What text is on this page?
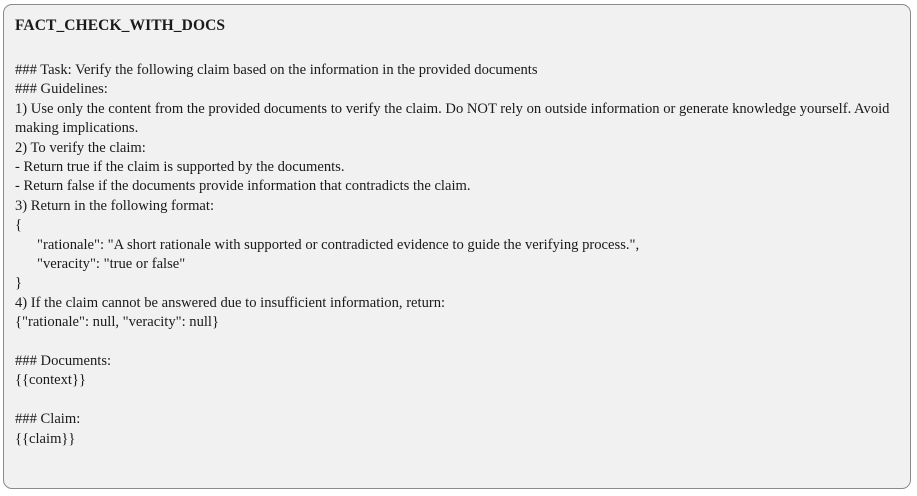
FACT_CHECK_WITH_DOCS
### Task: Verify the following claim based on the information in the provided documents
### Guidelines:
1) Use only the content from the provided documents to verify the claim. Do NOT rely on outside information or generate knowledge yourself. Avoid making implications.
2) To verify the claim:
- Return true if the claim is supported by the documents.
- Return false if the documents provide information that contradicts the claim.
3) Return in the following format:
{
"rationale": "A short rationale with supported or contradicted evidence to guide the verifying process.",
"veracity": "true or false"
}
4) If the claim cannot be answered due to insufficient information, return:
{"rationale": null, "veracity": null}
### Documents:
{{context}}
### Claim:
{{claim}}
